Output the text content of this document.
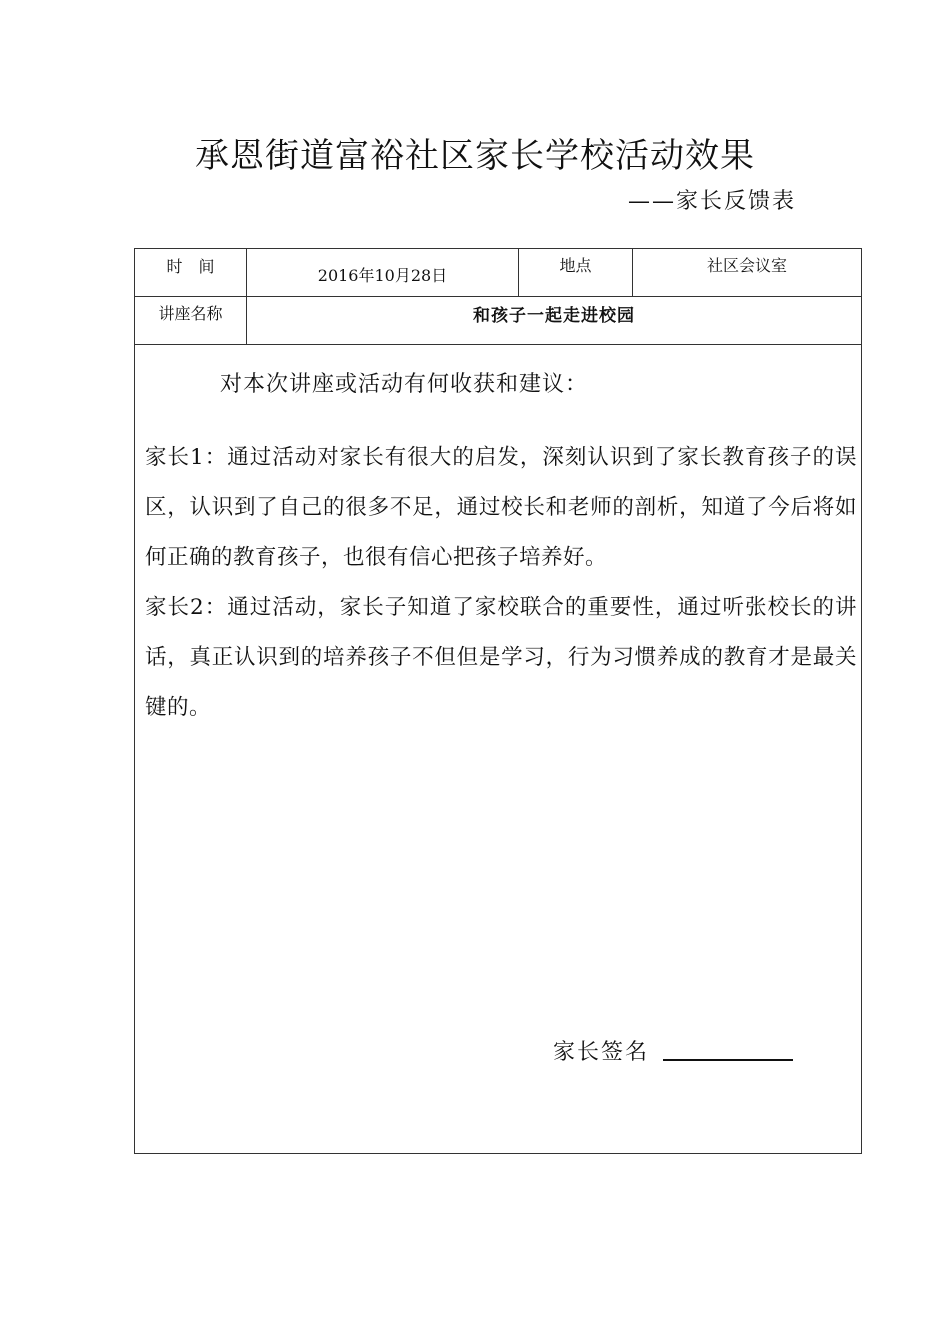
承恩街道富裕社区家长学校活动效果
——家长反馈表
时　间	2016年10月28日
地点	社区会议室
讲座名称	和孩子一起走进校园
对本次讲座或活动有何收获和建议：

家长1：通过活动对家长有很大的启发，深刻认识到了家长教育孩子的误区，认识到了自己的很多不足，通过校长和老师的剖析，知道了今后将如何正确的教育孩子，也很有信心把孩子培养好。

家长2：通过活动，家长子知道了家校联合的重要性，通过听张校长的讲话，真正认识到的培养孩子不但但是学习，行为习惯养成的教育才是最关键的。

家长签名
